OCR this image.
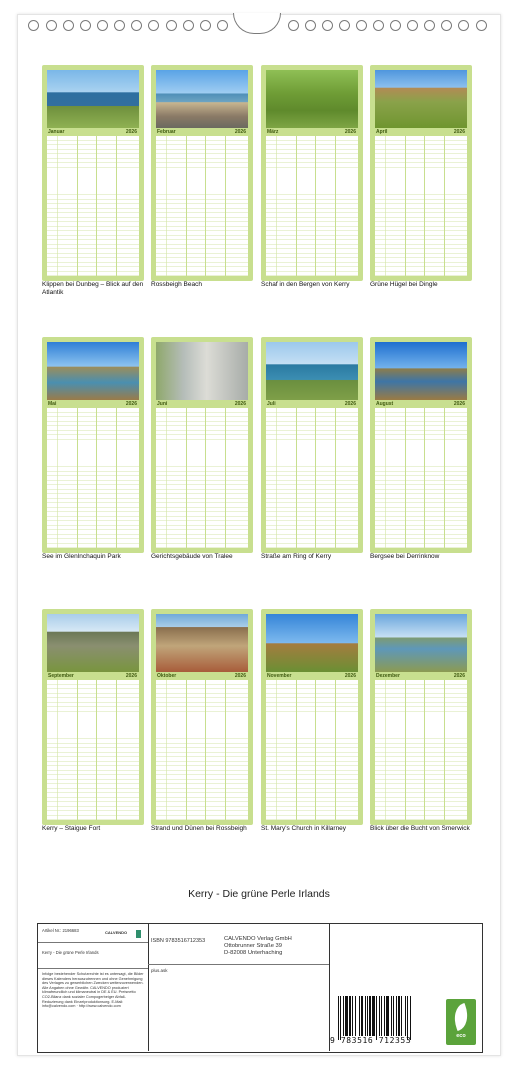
Januar	2026
Klippen bei Dunbeg – Blick auf den Atlantik
Februar	2026
Rossbeigh Beach
März	2026
Schaf in den Bergen von Kerry
April	2026
Grüne Hügel bei Dingle
Mai	2026
See im Glenlnchaquin Park
Juni	2026
Gerichtsgebäude von Tralee
Juli	2026
Straße am Ring of Kerry
August	2026
Bergsee bei Derrinknow
September	2026
Kerry – Staigue Fort
Oktober	2026
Strand und Dünen bei Rossbeigh
November	2026
St. Mary's Church in Killarney
Dezember	2026
Blick über die Bucht von Smerwick
Kerry - Die grüne Perle Irlands
Artikel Nr.: 2196683	CALVENDO
Kerry - Die grüne Perle Irlands
Infolge bestehender Schutzrechte ist es untersagt, die Bilder dieses Kalenders herauszutrennen und ohne Genehmigung des Verlages zu gewerblichen Zwecken weiterzuverwenden. Alle Angaben ohne Gewähr. CALVENDO produziert klimafreundlich und klimaneutral in DE & EU. Preisnetto CO2-Bilanz dank sozialer Compogerbeiger Abfall-Reduzierung dank Einzelproduktionsorg. E-Mail: info@calvendo.com · http://www.calvendo.com
ISBN 9783516712353
plus.ask
CALVENDO Verlag GmbH
Ottobrunner Straße 39
D-82008 Unterhaching
9 783516 712353	eco
